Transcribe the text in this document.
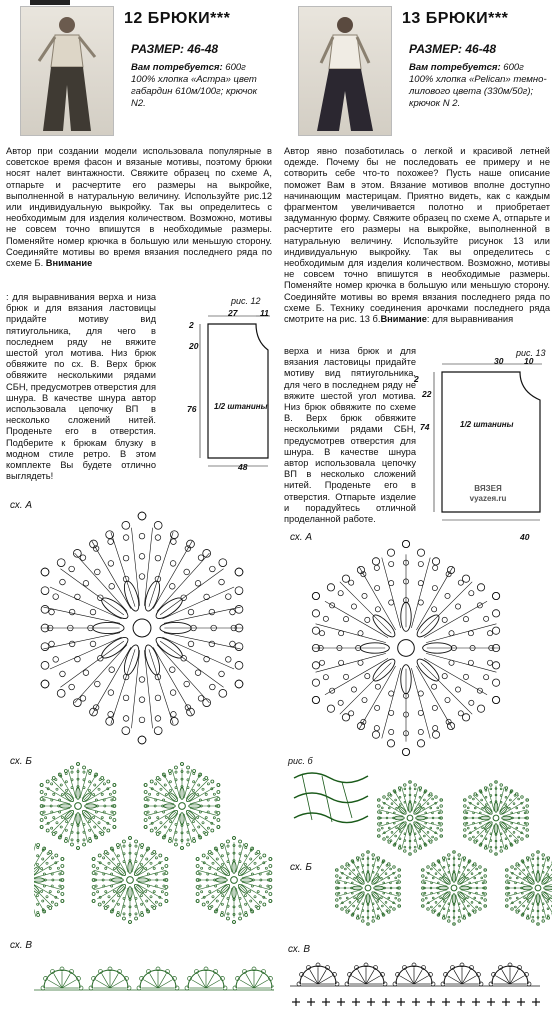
12 БРЮКИ***
РАЗМЕР: 46-48
Вам потребуется: 600г 100% хлопка «Астра» цвет габардин 610м/100г; крючок N2.
Автор при создании модели использовала популярные в советское время фасон и вязаные мотивы, поэтому брюки носят налет винтажности. Свяжите образец по схеме А, отпарьте и расчертите его размеры на выкройке, выполненной в натуральную величину. Используйте рис.12 или индивидуальную выкройку. Так вы определитесь с необходимым для изделия количеством. Возможно, мотивы не совсем точно впишутся в необходимые размеры. Поменяйте номер крючка в большую или меньшую сторону. Соединяйте мотивы во время вязания последнего ряда по схеме Б. Внимание
: для выравнивания верха и низа брюк и для вязания ластовицы придайте мотиву вид пятиугольника, для чего в последнем ряду не вяжите шестой угол мотива. Низ брюк обвяжите по сх. В. Верх брюк обвяжите несколькими рядами СБН, предусмотрев отверстия для шнура. В качестве шнура автор использовала цепочку ВП в несколько сложений нитей. Проденьте его в отверстия. Подберите к брюкам блузку в модном стиле ретро. В этом комплекте Вы будете отлично выглядеть!
рис. 12
27	11
2
20
76 1/2 штанины
48
сх. А
сх. Б
сх. В
13 БРЮКИ***
РАЗМЕР: 46-48
Вам потребуется: 600г 100% хлопка «Pelican» темно-лилового цвета (330м/50г); крючок N 2.
Автор явно позаботилась о легкой и красивой летней одежде. Почему бы не последовать ее примеру и не сотворить себе что-то похожее? Пусть наше описание поможет Вам в этом. Вязание мотивов вполне доступно начинающим мастерицам. Приятно видеть, как с каждым фрагментом увеличивается полотно и приобретает задуманную форму. Свяжите образец по схеме А, отпарьте и расчертите его размеры на выкройке, выполненной в натуральную величину. Используйте рисунок 13 или индивидуальную выкройку. Так вы определитесь с необходимым для изделия количеством. Возможно, мотивы не совсем точно впишутся в необходимые размеры. Поменяйте номер крючка в большую или меньшую сторону. Соединяйте мотивы во время вязания последнего ряда по схеме Б. Технику соединения арочками последнего ряда смотрите на рис. 13 б.Внимание: для выравнивания
верха и низа брюк и для вязания ластовицы придайте мотиву вид пятиугольника, для чего в последнем ряду не вяжите шестой угол мотива. Низ брюк обвяжите по схеме В. Верх брюк обвяжите несколькими рядами СБН, предусмотрев отверстия для шнура. В качестве шнура автор использовала цепочку ВП в несколько сложений нитей. Проденьте его в отверстия. Отпарьте изделие и порадуйтесь отличной проделанной работе.
рис. 13
30 10
2
22
74	1/2 штанины
40
ВЯЗЕЯ
vyazeя.ru
сх. А
рис. б
сх. Б
сх. В
